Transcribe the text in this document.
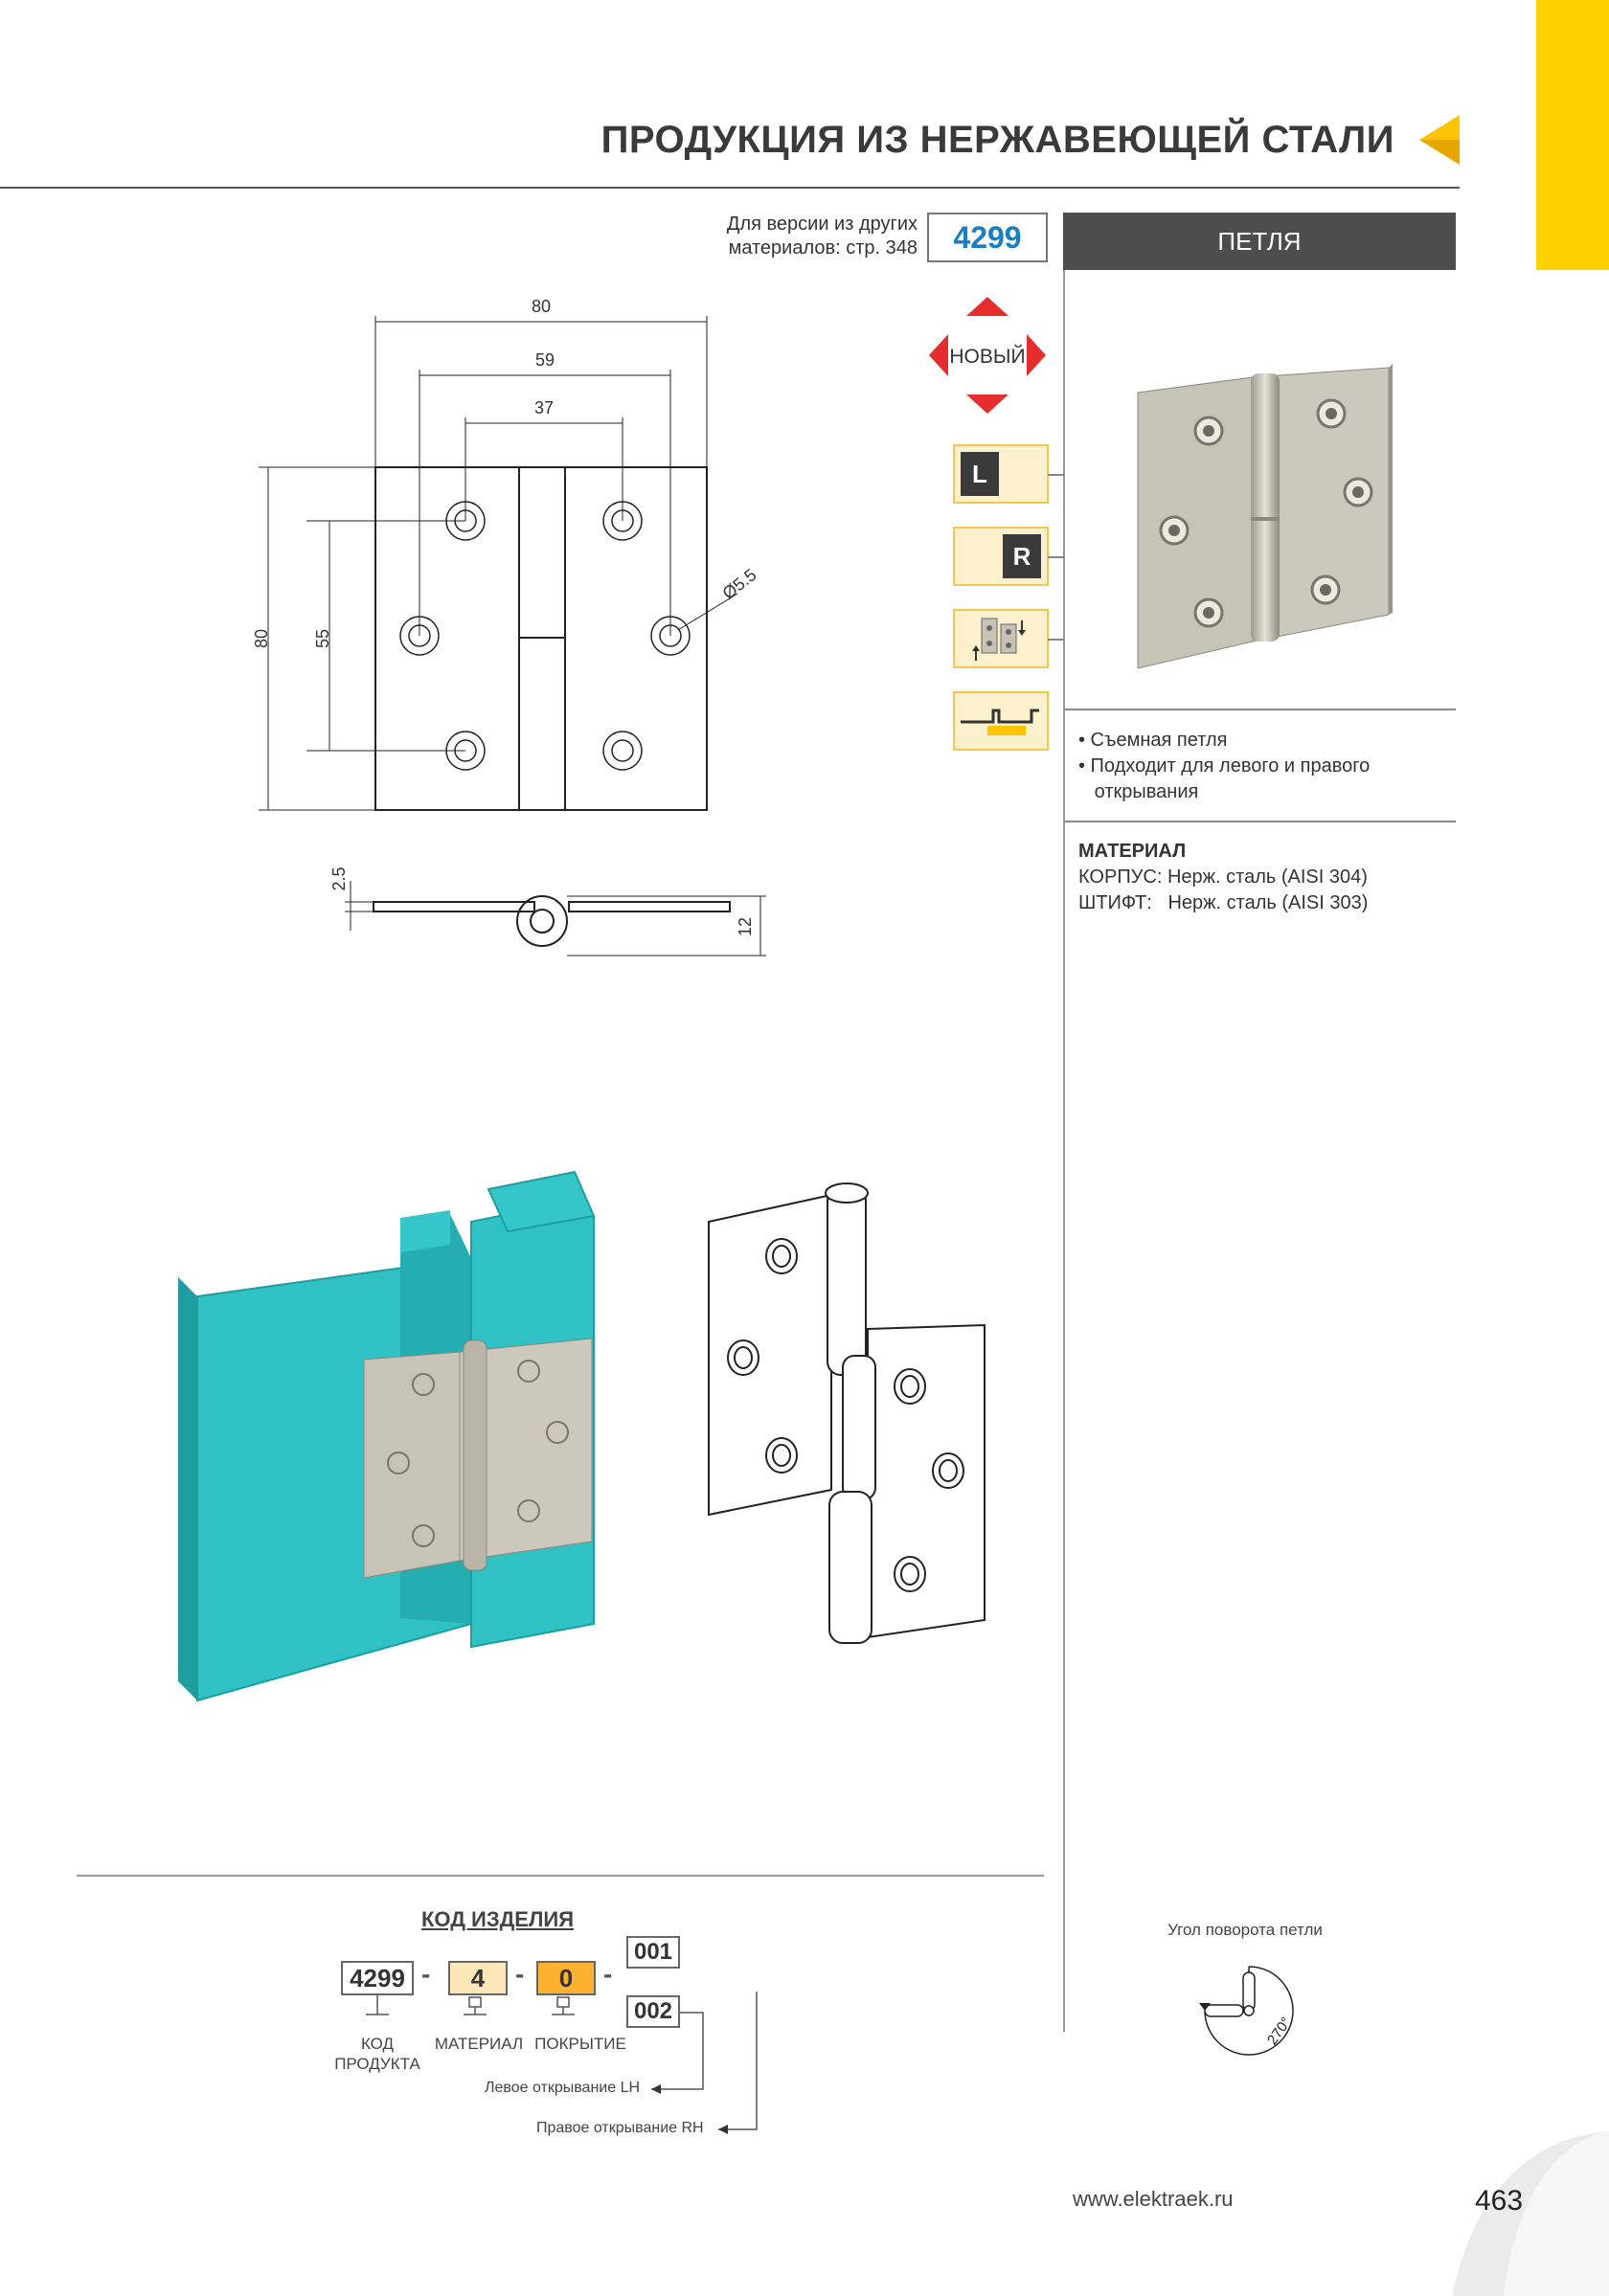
ПРОДУКЦИЯ ИЗ НЕРЖАВЕЮЩЕЙ СТАЛИ
Для версии из других
материалов: стр. 348	4299	ПЕТЛЯ
НОВЫЙ
L
R
• Съемная петля
• Подходит для левого и правого
открывания
МАТЕРИАЛ
КОРПУС: Нерж. сталь (AISI 304)
ШТИФТ:   Нерж. сталь (AISI 303)
80
59
37
80 55
Ø5.5
2.5
12
КОД ИЗДЕЛИЯ
4299 -	4	-	0	-
001
002
КОД
ПРОДУКТА
МАТЕРИАЛ ПОКРЫТИЕ
Левое открывание LH
Правое открывание RH
Угол поворота петли
270°
www.elektraek.ru	463
